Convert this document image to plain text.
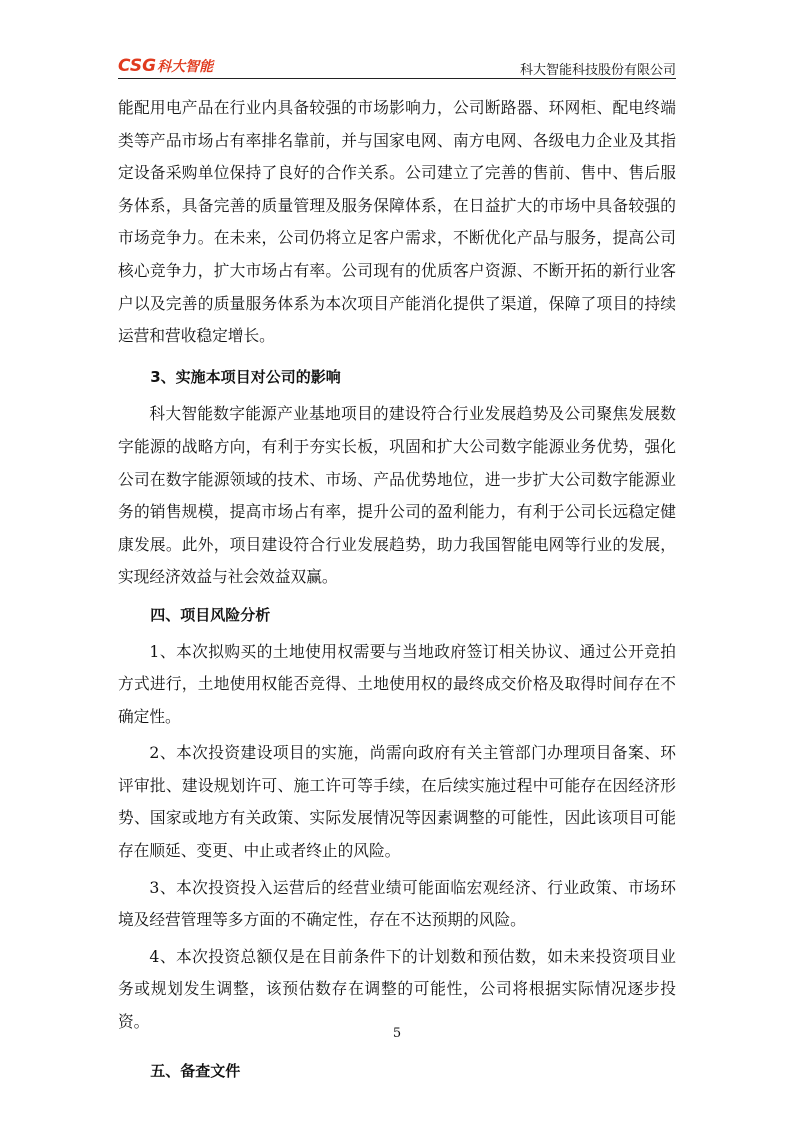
CSG科大智能	科大智能科技股份有限公司

能配用电产品在行业内具备较强的市场影响力，公司断路器、环网柜、配电终端类等产品市场占有率排名靠前，并与国家电网、南方电网、各级电力企业及其指定设备采购单位保持了良好的合作关系。公司建立了完善的售前、售中、售后服务体系，具备完善的质量管理及服务保障体系，在日益扩大的市场中具备较强的市场竞争力。在未来，公司仍将立足客户需求，不断优化产品与服务，提高公司核心竞争力，扩大市场占有率。公司现有的优质客户资源、不断开拓的新行业客户以及完善的质量服务体系为本次项目产能消化提供了渠道，保障了项目的持续运营和营收稳定增长。

3、实施本项目对公司的影响

科大智能数字能源产业基地项目的建设符合行业发展趋势及公司聚焦发展数字能源的战略方向，有利于夯实长板，巩固和扩大公司数字能源业务优势，强化公司在数字能源领域的技术、市场、产品优势地位，进一步扩大公司数字能源业务的销售规模，提高市场占有率，提升公司的盈利能力，有利于公司长远稳定健康发展。此外，项目建设符合行业发展趋势，助力我国智能电网等行业的发展，实现经济效益与社会效益双赢。

四、项目风险分析

1、本次拟购买的土地使用权需要与当地政府签订相关协议、通过公开竞拍方式进行，土地使用权能否竞得、土地使用权的最终成交价格及取得时间存在不确定性。

2、本次投资建设项目的实施，尚需向政府有关主管部门办理项目备案、环评审批、建设规划许可、施工许可等手续，在后续实施过程中可能存在因经济形势、国家或地方有关政策、实际发展情况等因素调整的可能性，因此该项目可能存在顺延、变更、中止或者终止的风险。

3、本次投资投入运营后的经营业绩可能面临宏观经济、行业政策、市场环境及经营管理等多方面的不确定性，存在不达预期的风险。

4、本次投资总额仅是在目前条件下的计划数和预估数，如未来投资项目业务或规划发生调整，该预估数存在调整的可能性，公司将根据实际情况逐步投资。

五、备查文件

5
